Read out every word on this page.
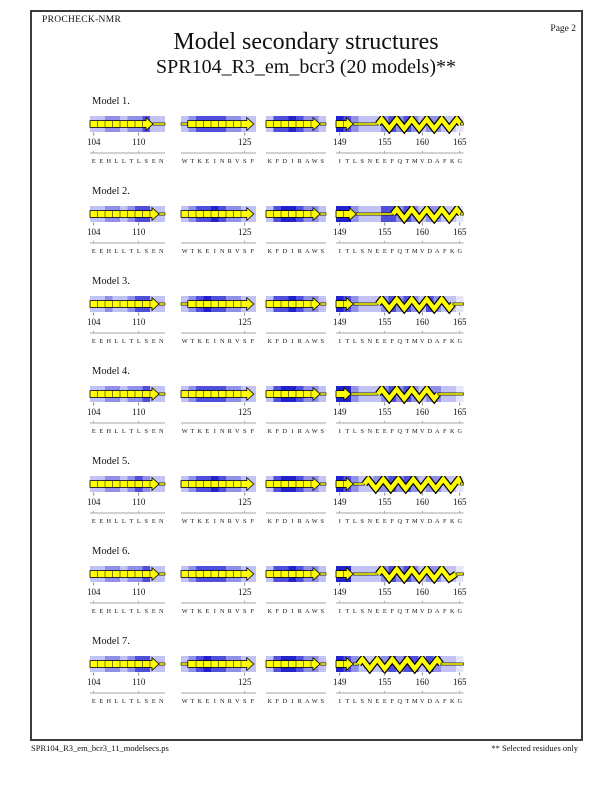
PROCHECK-NMR
Page 2
Model secondary structures
SPR104_R3_em_bcr3 (20 models)**
Model 1.
104	110
E E H L L T L S E N
125
W T K E I N R V S F K F D I R A W S
149	155	160	165
I T L S N E E F Q T M V D A F K G
Model 2.
104	110
E E H L L T L S E N
125
W T K E I N R V S F K F D I R A W S
149	155	160	165
I T L S N E E F Q T M V D A F K G
Model 3.
104	110
E E H L L T L S E N
125
W T K E I N R V S F K F D I R A W S
149	155	160	165
I T L S N E E F Q T M V D A F K G
Model 4.
104	110
E E H L L T L S E N
125
W T K E I N R V S F K F D I R A W S
149	155	160	165
I T L S N E E F Q T M V D A F K G
Model 5.
104	110
E E H L L T L S E N
125
W T K E I N R V S F K F D I R A W S
149	155	160	165
I T L S N E E F Q T M V D A F K G
Model 6.
104	110
E E H L L T L S E N
125
W T K E I N R V S F K F D I R A W S
149	155	160	165
I T L S N E E F Q T M V D A F K G
Model 7.
104	110
E E H L L T L S E N
125
W T K E I N R V S F K F D I R A W S
149	155	160	165
I T L S N E E F Q T M V D A F K G
SPR104_R3_em_bcr3_11_modelsecs.ps	** Selected residues only
